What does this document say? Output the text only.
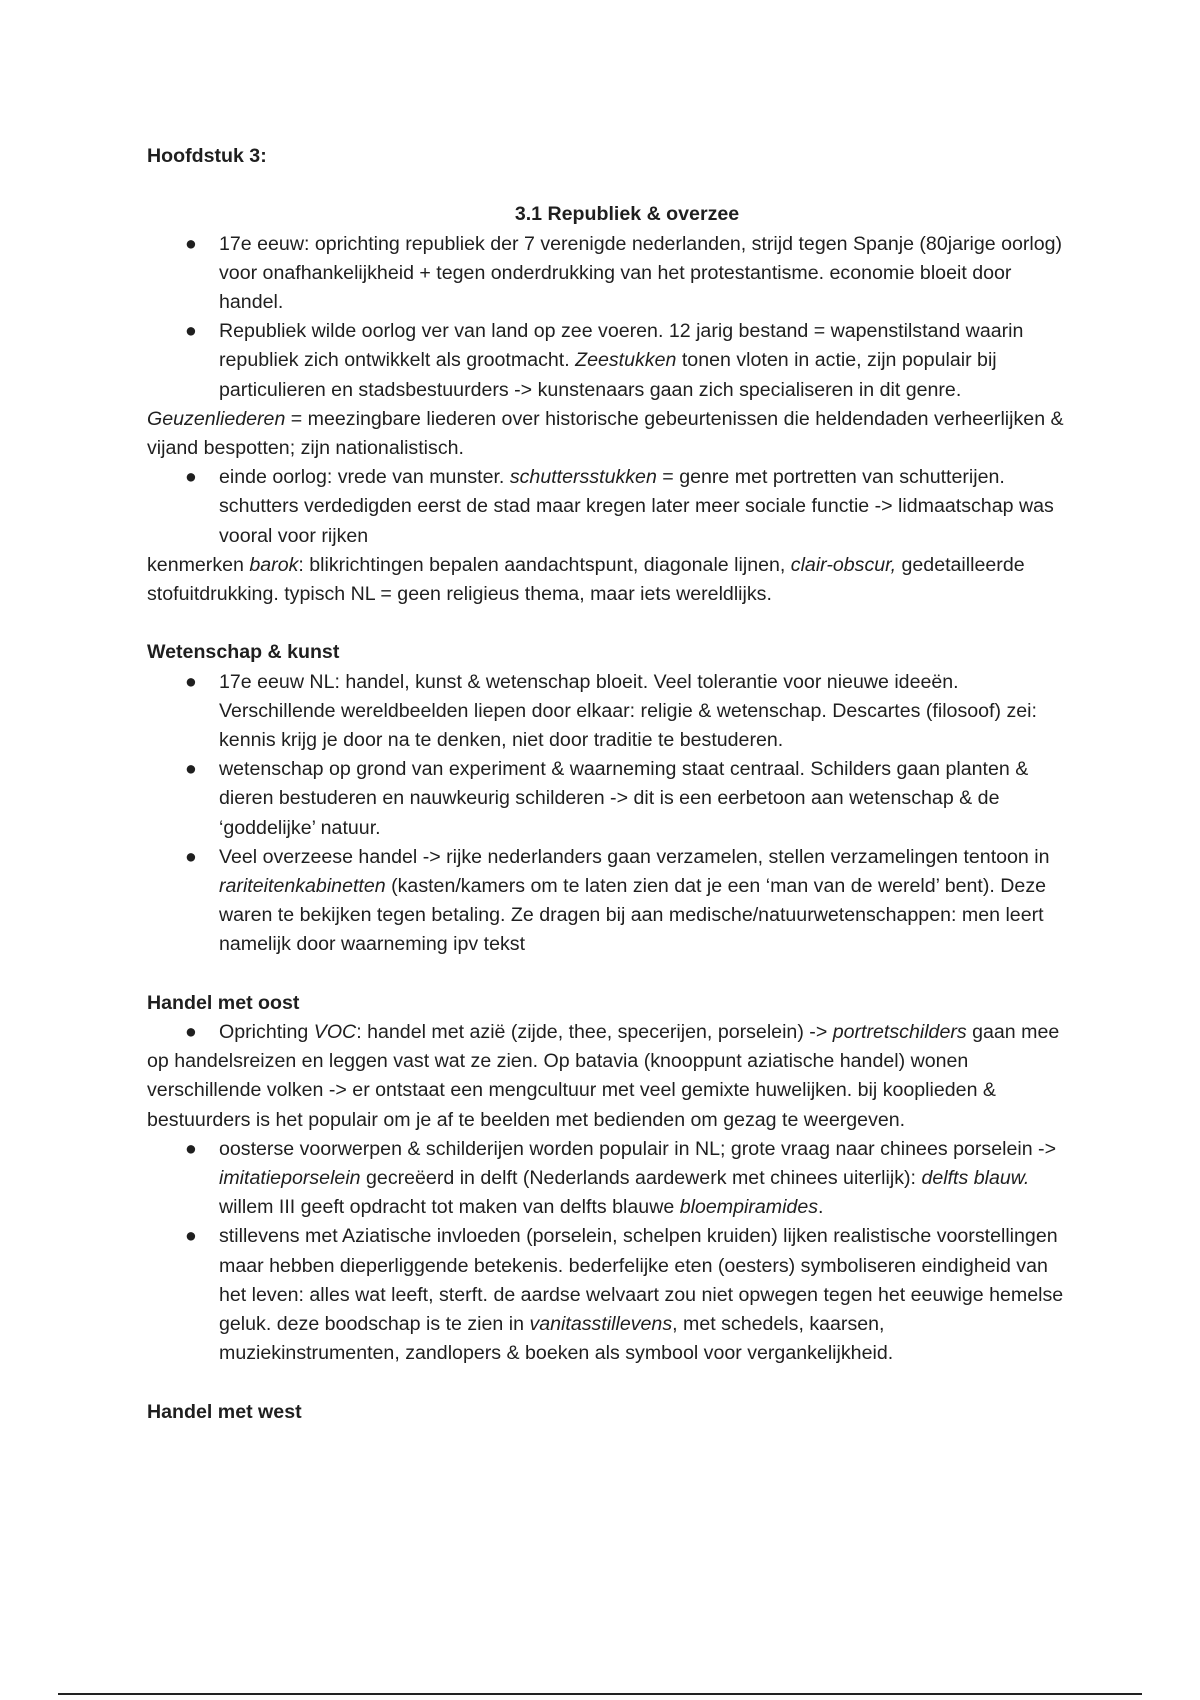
Hoofdstuk 3:

3.1 Republiek & overzee

● 17e eeuw: oprichting republiek der 7 verenigde nederlanden, strijd tegen Spanje (80jarige oorlog) voor onafhankelijkheid + tegen onderdrukking van het protestantisme. economie bloeit door handel.
● Republiek wilde oorlog ver van land op zee voeren. 12 jarig bestand = wapenstilstand waarin republiek zich ontwikkelt als grootmacht. Zeestukken tonen vloten in actie, zijn populair bij particulieren en stadsbestuurders -> kunstenaars gaan zich specialiseren in dit genre.

Geuzenliederen = meezingbare liederen over historische gebeurtenissen die heldendaden verheerlijken & vijand bespotten; zijn nationalistisch.

● einde oorlog: vrede van munster. schuttersstukken = genre met portretten van schutterijen. schutters verdedigden eerst de stad maar kregen later meer sociale functie -> lidmaatschap was vooral voor rijken

kenmerken barok: blikrichtingen bepalen aandachtspunt, diagonale lijnen, clair-obscur, gedetailleerde stofuitdrukking. typisch NL = geen religieus thema, maar iets wereldlijks.

Wetenschap & kunst

● 17e eeuw NL: handel, kunst & wetenschap bloeit. Veel tolerantie voor nieuwe ideeën. Verschillende wereldbeelden liepen door elkaar: religie & wetenschap. Descartes (filosoof) zei: kennis krijg je door na te denken, niet door traditie te bestuderen.
● wetenschap op grond van experiment & waarneming staat centraal. Schilders gaan planten & dieren bestuderen en nauwkeurig schilderen -> dit is een eerbetoon aan wetenschap & de ‘goddelijke’ natuur.
● Veel overzeese handel -> rijke nederlanders gaan verzamelen, stellen verzamelingen tentoon in rariteitenkabinetten (kasten/kamers om te laten zien dat je een ‘man van de wereld’ bent). Deze waren te bekijken tegen betaling. Ze dragen bij aan medische/natuurwetenschappen: men leert namelijk door waarneming ipv tekst

Handel met oost

● Oprichting VOC: handel met azië (zijde, thee, specerijen, porselein) -> portretschilders gaan mee op handelsreizen en leggen vast wat ze zien. Op batavia (knooppunt aziatische handel) wonen verschillende volken -> er ontstaat een mengcultuur met veel gemixte huwelijken. bij kooplieden & bestuurders is het populair om je af te beelden met bedienden om gezag te weergeven.

● oosterse voorwerpen & schilderijen worden populair in NL; grote vraag naar chinees porselein -> imitatieporselein gecreëerd in delft (Nederlands aardewerk met chinees uiterlijk): delfts blauw. willem III geeft opdracht tot maken van delfts blauwe bloempiramides.
● stillevens met Aziatische invloeden (porselein, schelpen kruiden) lijken realistische voorstellingen maar hebben dieperliggende betekenis. bederfelijke eten (oesters) symboliseren eindigheid van het leven: alles wat leeft, sterft. de aardse welvaart zou niet opwegen tegen het eeuwige hemelse geluk. deze boodschap is te zien in vanitasstillevens, met schedels, kaarsen, muziekinstrumenten, zandlopers & boeken als symbool voor vergankelijkheid.

Handel met west
